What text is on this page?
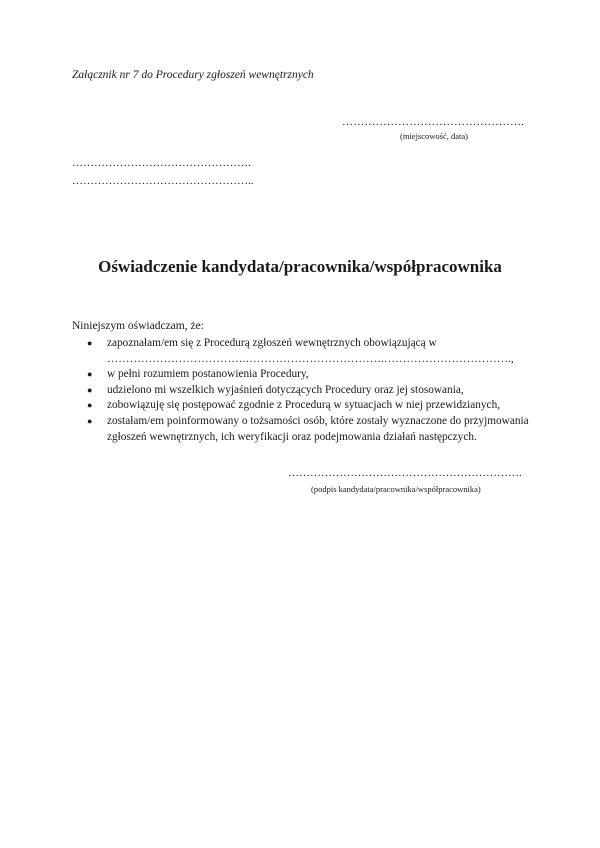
Załącznik nr 7 do Procedury zgłoszeń wewnętrznych
………………………………………….
(miejscowość, data)
………………………………………….
…………………………………………..
Oświadczenie kandydata/pracownika/współpracownika
Niniejszym oświadczam, że:
● zapoznałam/em się z Procedurą zgłoszeń wewnętrznych obowiązującą w
……………………………….……………………………….…………………………….,
● w pełni rozumiem postanowienia Procedury,
● udzielono mi wszelkich wyjaśnień dotyczących Procedury oraz jej stosowania,
● zobowiązuję się postępować zgodnie z Procedurą w sytuacjach w niej przewidzianych,
● zostałam/em poinformowany o tożsamości osób, które zostały wyznaczone do przyjmowania
zgłoszeń wewnętrznych, ich weryfikacji oraz podejmowania działań następczych.
……………………………………………………….
(podpis kandydata/pracownika/współpracownika)
